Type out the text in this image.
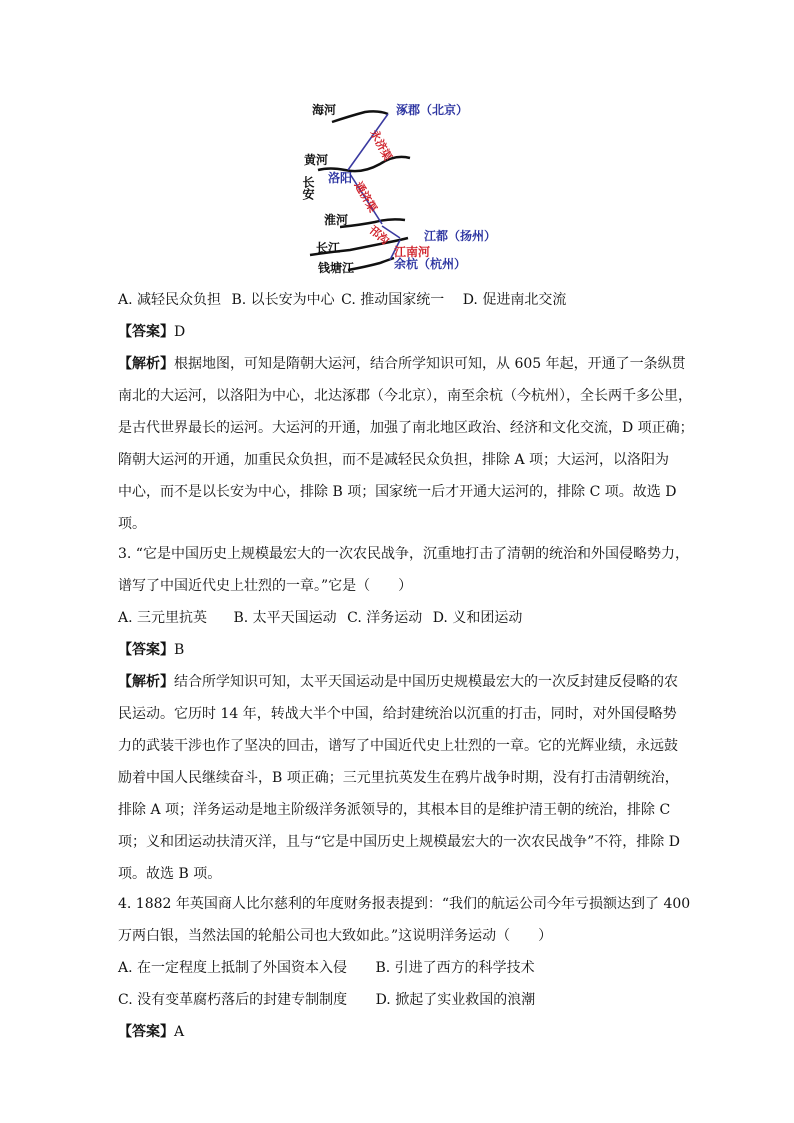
海河	涿郡（北京）
永济渠
黄河
长安 洛阳
通济渠
淮河
邗沟	江都（扬州）
长江	江南河
钱塘江	余杭（杭州）
A. 减轻民众负担 B. 以长安为中心 C. 推动国家统一 D. 促进南北交流
【答案】D
【解析】根据地图，可知是隋朝大运河，结合所学知识可知，从 605 年起，开通了一条纵贯
南北的大运河，以洛阳为中心，北达涿郡（今北京），南至余杭（今杭州），全长两千多公里，
是古代世界最长的运河。大运河的开通，加强了南北地区政治、经济和文化交流，D 项正确；
隋朝大运河的开通，加重民众负担，而不是减轻民众负担，排除 A 项；大运河，以洛阳为
中心，而不是以长安为中心，排除 B 项；国家统一后才开通大运河的，排除 C 项。故选 D
项。
3. “它是中国历史上规模最宏大的一次农民战争，沉重地打击了清朝的统治和外国侵略势力，
谱写了中国近代史上壮烈的一章。”它是（　　）
A. 三元里抗英 B. 太平天国运动 C. 洋务运动 D. 义和团运动
【答案】B
【解析】结合所学知识可知，太平天国运动是中国历史规模最宏大的一次反封建反侵略的农
民运动。它历时 14 年，转战大半个中国，给封建统治以沉重的打击，同时，对外国侵略势
力的武装干涉也作了坚决的回击，谱写了中国近代史上壮烈的一章。它的光辉业绩，永远鼓
励着中国人民继续奋斗，B 项正确；三元里抗英发生在鸦片战争时期，没有打击清朝统治，
排除 A 项；洋务运动是地主阶级洋务派领导的，其根本目的是维护清王朝的统治，排除 C
项；义和团运动扶清灭洋，且与“它是中国历史上规模最宏大的一次农民战争”不符，排除 D
项。故选 B 项。
4. 1882 年英国商人比尔慈利的年度财务报表提到：“我们的航运公司今年亏损额达到了 400
万两白银，当然法国的轮船公司也大致如此。”这说明洋务运动（　　）
A. 在一定程度上抵制了外国资本入侵 B. 引进了西方的科学技术
C. 没有变革腐朽落后的封建专制制度 D. 掀起了实业救国的浪潮
【答案】A
